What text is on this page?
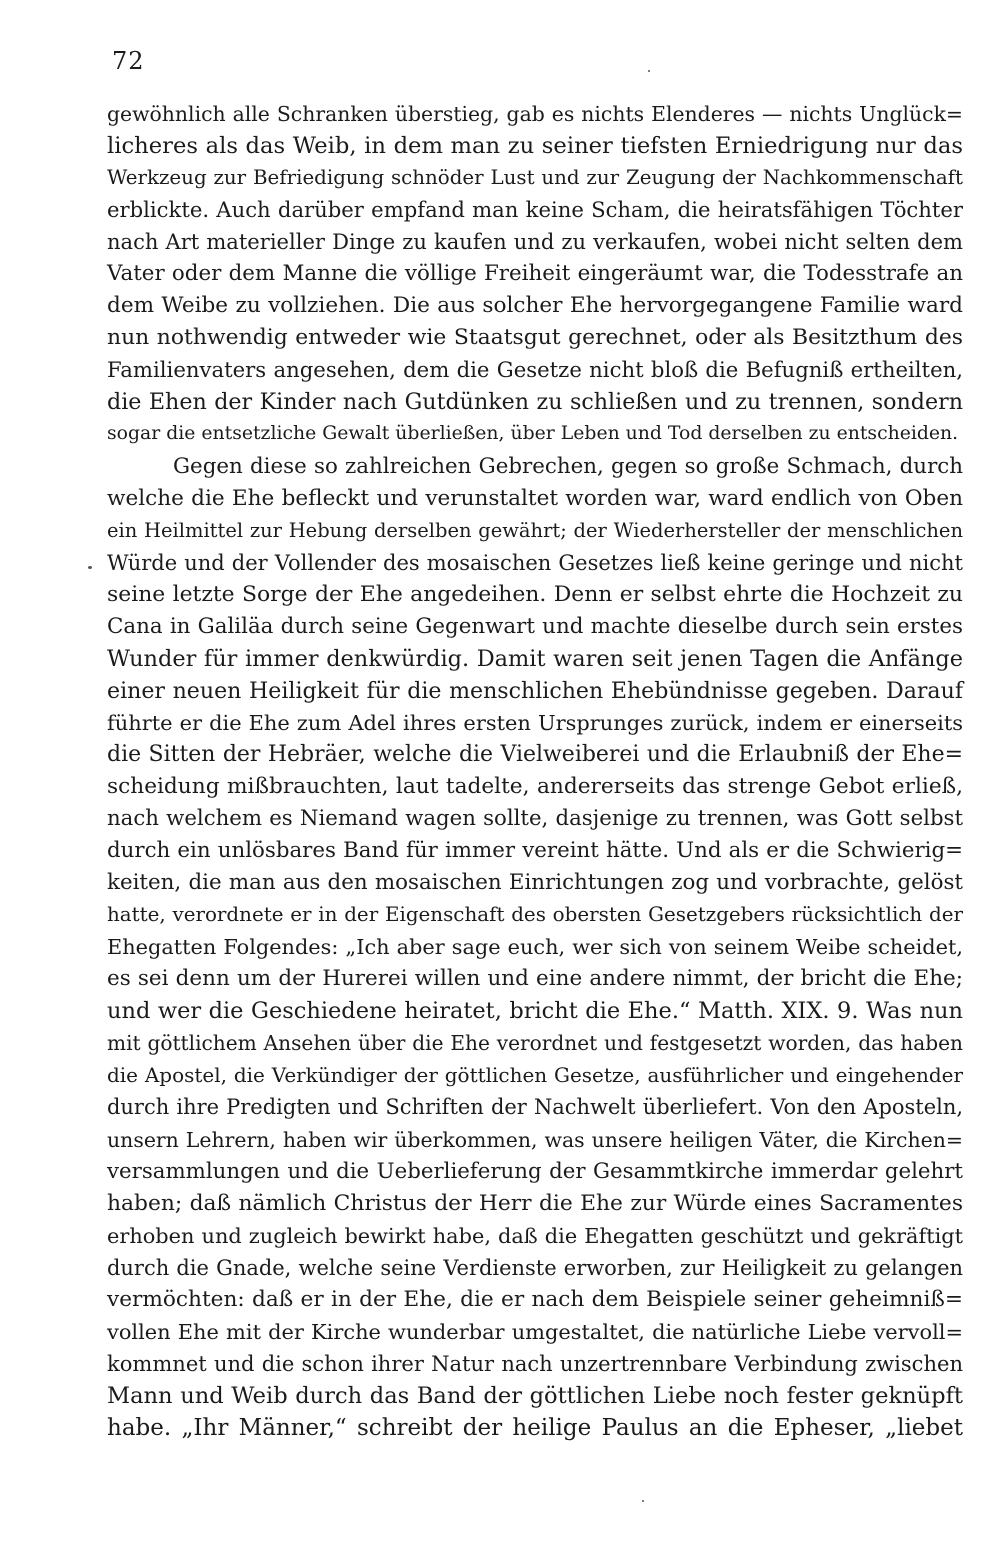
72
gewöhnlich alle Schranken überstieg, gab es nichts Elenderes — nichts Unglück=
licheres als das Weib, in dem man zu seiner tiefsten Erniedrigung nur das
Werkzeug zur Befriedigung schnöder Lust und zur Zeugung der Nachkommenschaft
erblickte. Auch darüber empfand man keine Scham, die heiratsfähigen Töchter
nach Art materieller Dinge zu kaufen und zu verkaufen, wobei nicht selten dem
Vater oder dem Manne die völlige Freiheit eingeräumt war, die Todesstrafe an
dem Weibe zu vollziehen. Die aus solcher Ehe hervorgegangene Familie ward
nun nothwendig entweder wie Staatsgut gerechnet, oder als Besitzthum des
Familienvaters angesehen, dem die Gesetze nicht bloß die Befugniß ertheilten,
die Ehen der Kinder nach Gutdünken zu schließen und zu trennen, sondern
sogar die entsetzliche Gewalt überließen, über Leben und Tod derselben zu entscheiden.
Gegen diese so zahlreichen Gebrechen, gegen so große Schmach, durch
welche die Ehe befleckt und verunstaltet worden war, ward endlich von Oben
ein Heilmittel zur Hebung derselben gewährt; der Wiederhersteller der menschlichen
Würde und der Vollender des mosaischen Gesetzes ließ keine geringe und nicht
seine letzte Sorge der Ehe angedeihen. Denn er selbst ehrte die Hochzeit zu
Cana in Galiläa durch seine Gegenwart und machte dieselbe durch sein erstes
Wunder für immer denkwürdig. Damit waren seit jenen Tagen die Anfänge
einer neuen Heiligkeit für die menschlichen Ehebündnisse gegeben. Darauf
führte er die Ehe zum Adel ihres ersten Ursprunges zurück, indem er einerseits
die Sitten der Hebräer, welche die Vielweiberei und die Erlaubniß der Ehe=
scheidung mißbrauchten, laut tadelte, andererseits das strenge Gebot erließ,
nach welchem es Niemand wagen sollte, dasjenige zu trennen, was Gott selbst
durch ein unlösbares Band für immer vereint hätte. Und als er die Schwierig=
keiten, die man aus den mosaischen Einrichtungen zog und vorbrachte, gelöst
hatte, verordnete er in der Eigenschaft des obersten Gesetzgebers rücksichtlich der
Ehegatten Folgendes: „Ich aber sage euch, wer sich von seinem Weibe scheidet,
es sei denn um der Hurerei willen und eine andere nimmt, der bricht die Ehe;
und wer die Geschiedene heiratet, bricht die Ehe.“ Matth. XIX. 9. Was nun
mit göttlichem Ansehen über die Ehe verordnet und festgesetzt worden, das haben
die Apostel, die Verkündiger der göttlichen Gesetze, ausführlicher und eingehender
durch ihre Predigten und Schriften der Nachwelt überliefert. Von den Aposteln,
unsern Lehrern, haben wir überkommen, was unsere heiligen Väter, die Kirchen=
versammlungen und die Ueberlieferung der Gesammtkirche immerdar gelehrt
haben; daß nämlich Christus der Herr die Ehe zur Würde eines Sacramentes
erhoben und zugleich bewirkt habe, daß die Ehegatten geschützt und gekräftigt
durch die Gnade, welche seine Verdienste erworben, zur Heiligkeit zu gelangen
vermöchten: daß er in der Ehe, die er nach dem Beispiele seiner geheimniß=
vollen Ehe mit der Kirche wunderbar umgestaltet, die natürliche Liebe vervoll=
kommnet und die schon ihrer Natur nach unzertrennbare Verbindung zwischen
Mann und Weib durch das Band der göttlichen Liebe noch fester geknüpft
habe. „Ihr Männer,“ schreibt der heilige Paulus an die Epheser, „liebet
